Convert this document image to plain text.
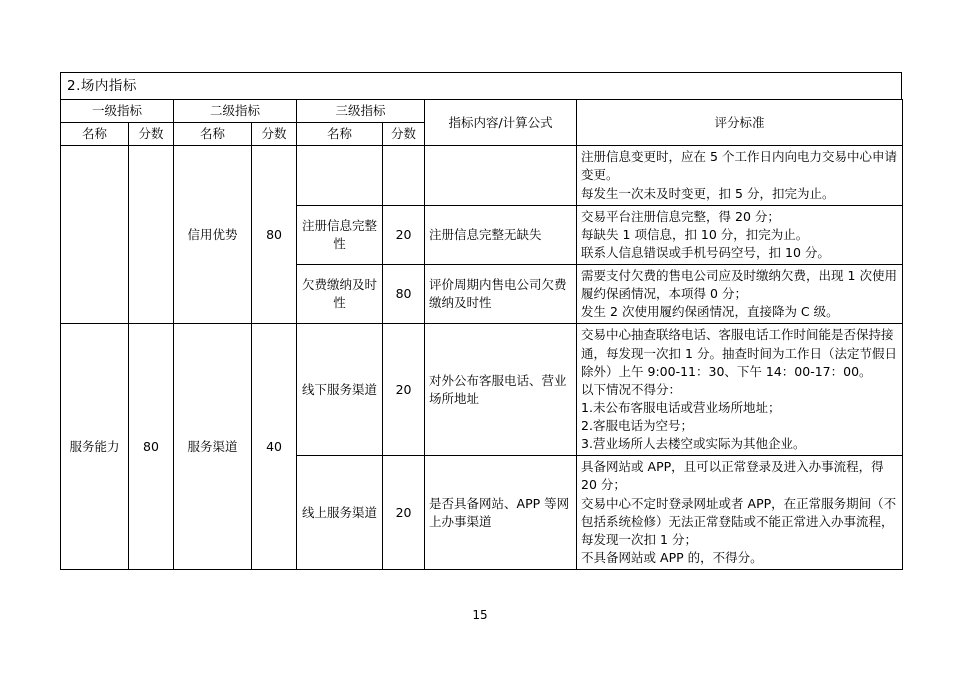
2.场内指标
一级指标		二级指标		三级指标		指标内容/计算公式	评分标准
名称	分数	名称	分数	名称	分数		
		信用优势	80				注册信息变更时，应在 5 个工作日内向电力交易中心申请变更。
每发生一次未及时变更，扣 5 分，扣完为止。

				注册信息完整性	20	注册信息完整无缺失	交易平台注册信息完整，得 20 分；
每缺失 1 项信息，扣 10 分，扣完为止。
联系人信息错误或手机号码空号，扣 10 分。

				欠费缴纳及时性	80	评价周期内售电公司欠费缴纳及时性	需要支付欠费的售电公司应及时缴纳欠费，出现 1 次使用履约保函情况，本项得 0 分；
发生 2 次使用履约保函情况，直接降为 C 级。

服务能力	80	服务渠道	40	线下服务渠道	20	对外公布客服电话、营业场所地址	交易中心抽查联络电话、客服电话工作时间能是否保持接通，每发现一次扣 1 分。抽查时间为工作日（法定节假日除外）上午 9:00-11：30、下午 14：00-17：00。
以下情况不得分：
1.未公布客服电话或营业场所地址；
2.客服电话为空号；
3.营业场所人去楼空或实际为其他企业。

				线上服务渠道	20	是否具备网站、APP 等网上办事渠道	具备网站或 APP，且可以正常登录及进入办事流程，得 20 分；
交易中心不定时登录网址或者 APP，在正常服务期间（不包括系统检修）无法正常登陆或不能正常进入办事流程，每发现一次扣 1 分；
不具备网站或 APP 的，不得分。
15
